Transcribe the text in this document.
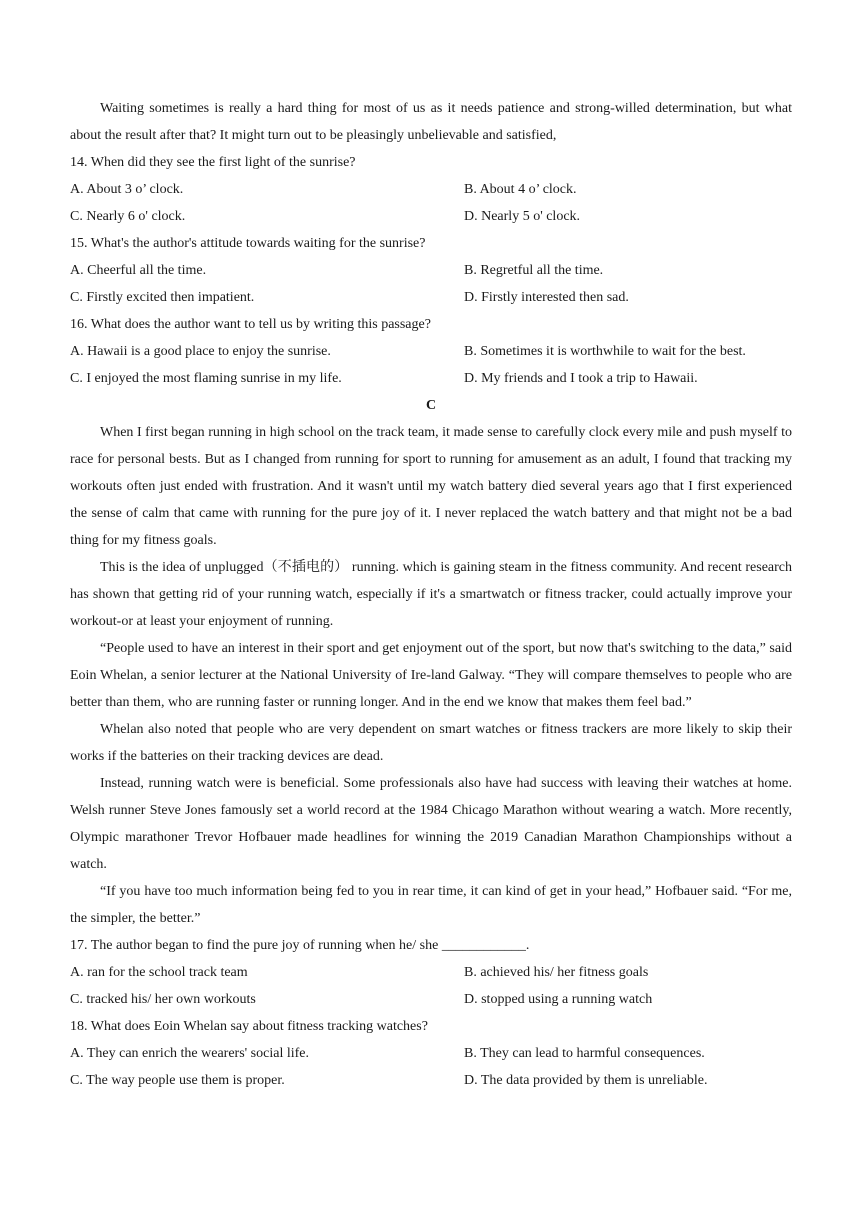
Waiting sometimes is really a hard thing for most of us as it needs patience and strong-willed determination, but what about the result after that? It might turn out to be pleasingly unbelievable and satisfied,

14. When did they see the first light of the sunrise?

A. About 3 o’ clock.	B. About 4 o’ clock.
C. Nearly 6 o' clock.	D. Nearly 5 o' clock.

15. What's the author's attitude towards waiting for the sunrise?

A. Cheerful all the time.	B. Regretful all the time.
C. Firstly excited then impatient.	D. Firstly interested then sad.

16. What does the author want to tell us by writing this passage?

A. Hawaii is a good place to enjoy the sunrise.	B. Sometimes it is worthwhile to wait for the best.
C. I enjoyed the most flaming sunrise in my life.	D. My friends and I took a trip to Hawaii.

C

When I first began running in high school on the track team, it made sense to carefully clock every mile and push myself to race for personal bests. But as I changed from running for sport to running for amusement as an adult, I found that tracking my workouts often just ended with frustration. And it wasn't until my watch battery died several years ago that I first experienced the sense of calm that came with running for the pure joy of it. I never replaced the watch battery and that might not be a bad thing for my fitness goals.

This is the idea of unplugged（不插电的） running. which is gaining steam in the fitness community. And recent research has shown that getting rid of your running watch, especially if it's a smartwatch or fitness tracker, could actually improve your workout-or at least your enjoyment of running.

“People used to have an interest in their sport and get enjoyment out of the sport, but now that's switching to the data,” said Eoin Whelan, a senior lecturer at the National University of Ire-land Galway. “They will compare themselves to people who are better than them, who are running faster or running longer. And in the end we know that makes them feel bad.”

Whelan also noted that people who are very dependent on smart watches or fitness trackers are more likely to skip their works if the batteries on their tracking devices are dead.

Instead, running watch were is beneficial. Some professionals also have had success with leaving their watches at home. Welsh runner Steve Jones famously set a world record at the 1984 Chicago Marathon without wearing a watch. More recently, Olympic marathoner Trevor Hofbauer made headlines for winning the 2019 Canadian Marathon Championships without a watch.

“If you have too much information being fed to you in rear time, it can kind of get in your head,” Hofbauer said. “For me, the simpler, the better.”

17. The author began to find the pure joy of running when he/ she ____________.

A. ran for the school track team	B. achieved his/ her fitness goals
C. tracked his/ her own workouts	D. stopped using a running watch

18. What does Eoin Whelan say about fitness tracking watches?

A. They can enrich the wearers' social life.	B. They can lead to harmful consequences.
C. The way people use them is proper.	D. The data provided by them is unreliable.
